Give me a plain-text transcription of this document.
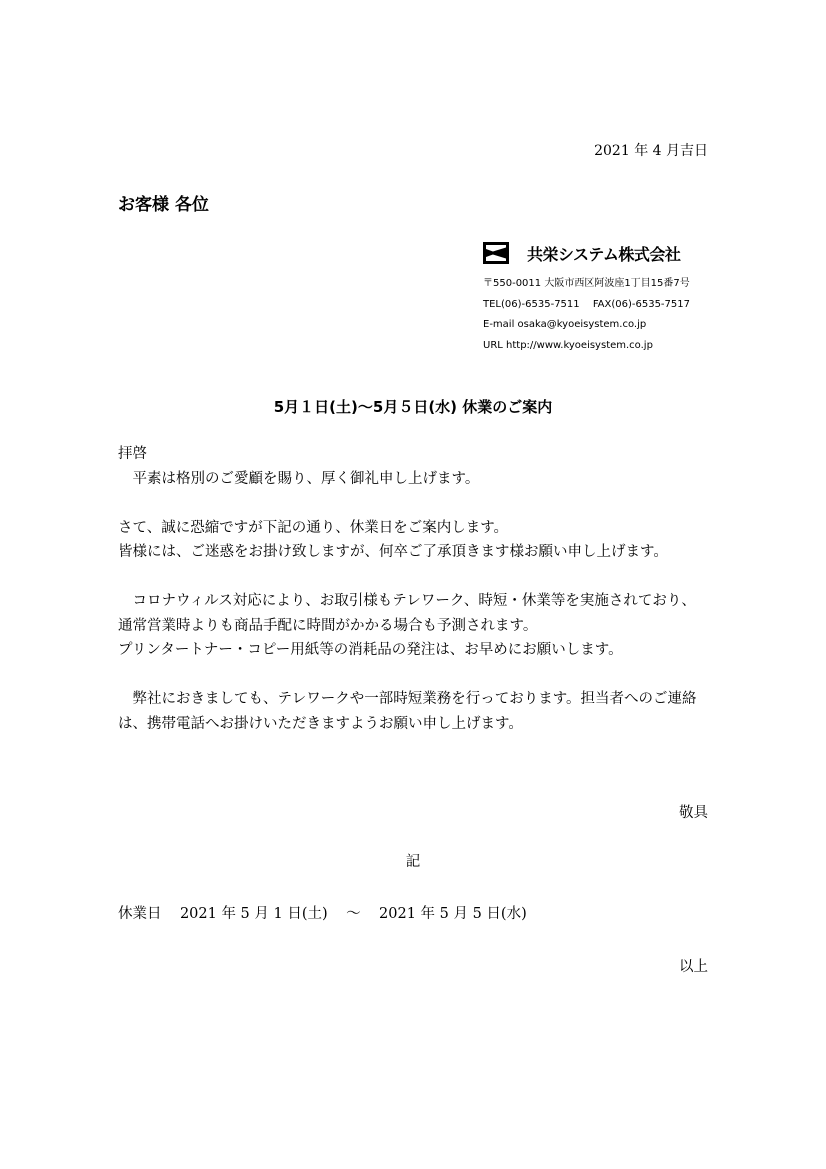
2021 年 4 月吉日
お客様 各位
共栄システム株式会社
〒550-0011 大阪市西区阿波座1丁目15番7号
TEL(06)-6535-7511　 FAX(06)-6535-7517
E-mail osaka@kyoeisystem.co.jp
URL http://www.kyoeisystem.co.jp
5月１日(土)～5月５日(水) 休業のご案内

拝啓

平素は格別のご愛顧を賜り、厚く御礼申し上げます。

さて、誠に恐縮ですが下記の通り、休業日をご案内します。

皆様には、ご迷惑をお掛け致しますが、何卒ご了承頂きます様お願い申し上げます。

コロナウィルス対応により、お取引様もテレワーク、時短・休業等を実施されており、通常営業時よりも商品手配に時間がかかる場合も予測されます。

プリンタートナー・コピー用紙等の消耗品の発注は、お早めにお願いします。

弊社におきましても、テレワークや一部時短業務を行っております。担当者へのご連絡は、携帯電話へお掛けいただきますようお願い申し上げます。

敬具
記
休業日
2021 年 5 月 1 日(土)
～
2021 年 5 月 5 日(水)
以上
